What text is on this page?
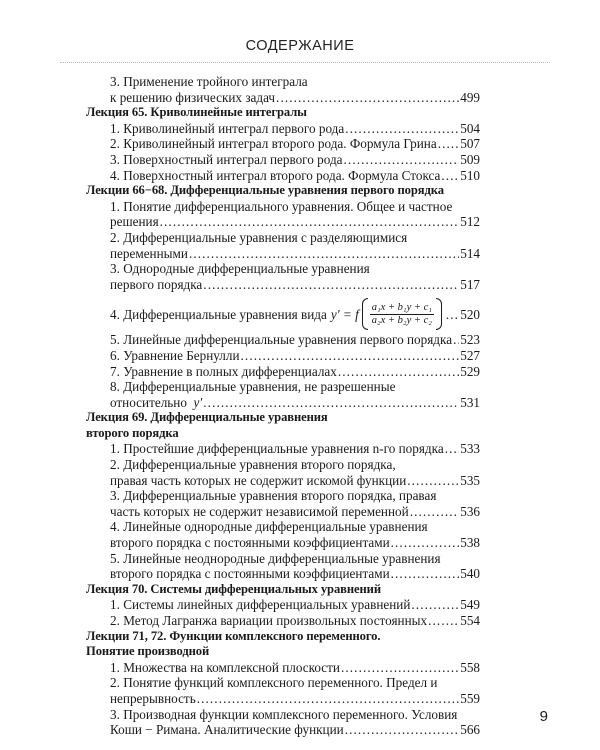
СОДЕРЖАНИЕ
3. Применение тройного интеграла
к решению физических задач .....	499
Лекция 65. Криволинейные интегралы
1. Криволинейный интеграл первого рода .....	504
2. Криволинейный интеграл второго рода. Формула Грина ..... 507
3. Поверхностный интеграл первого рода .....	509
4. Поверхностный интеграл второго рода. Формула Стокса ..... 510
Лекции 66−68. Дифференциальные уравнения первого порядка
1. Понятие дифференциального уравнения. Общее и частное
решения .....	512
2. Дифференциальные уравнения с разделяющимися
переменными .....	514
3. Однородные дифференциальные уравнения
первого порядка .....	517
4. Дифференциальные уравнения вида y′ = f $\frac{\text{a₁x + b₁y + c₁}}{\text{a₂x + b₂y + c₂}}$ ..... 520
5. Линейные дифференциальные уравнения первого порядка ..... 523
6. Уравнение Бернулли .....	527
7. Уравнение в полных дифференциалах .....	529
8. Дифференциальные уравнения, не разрешенные
относительно
y′ .....	531
Лекция 69. Дифференциальные уравнения
второго порядка
1. Простейшие дифференциальные уравнения n-го порядка ..... 533
2. Дифференциальные уравнения второго порядка,
правая часть которых не содержит искомой функции .....	535
3. Дифференциальные уравнения второго порядка, правая
часть которых не содержит независимой переменной .....	536
4. Линейные однородные дифференциальные уравнения
второго порядка с постоянными коэффициентами .....	538
5. Линейные неоднородные дифференциальные уравнения
второго порядка с постоянными коэффициентами .....	540
Лекция 70. Системы дифференциальных уравнений
1. Системы линейных дифференциальных уравнений .....	549
2. Метод Лагранжа вариации произвольных постоянных .....	554
Лекции 71, 72. Функции комплексного переменного.
Понятие производной
1. Множества на комплексной плоскости .....	558
2. Понятие функций комплексного переменного. Предел и
непрерывность .....	559
3. Производная функции комплексного переменного. Условия
Коши − Римана. Аналитические функции .....	566
9
